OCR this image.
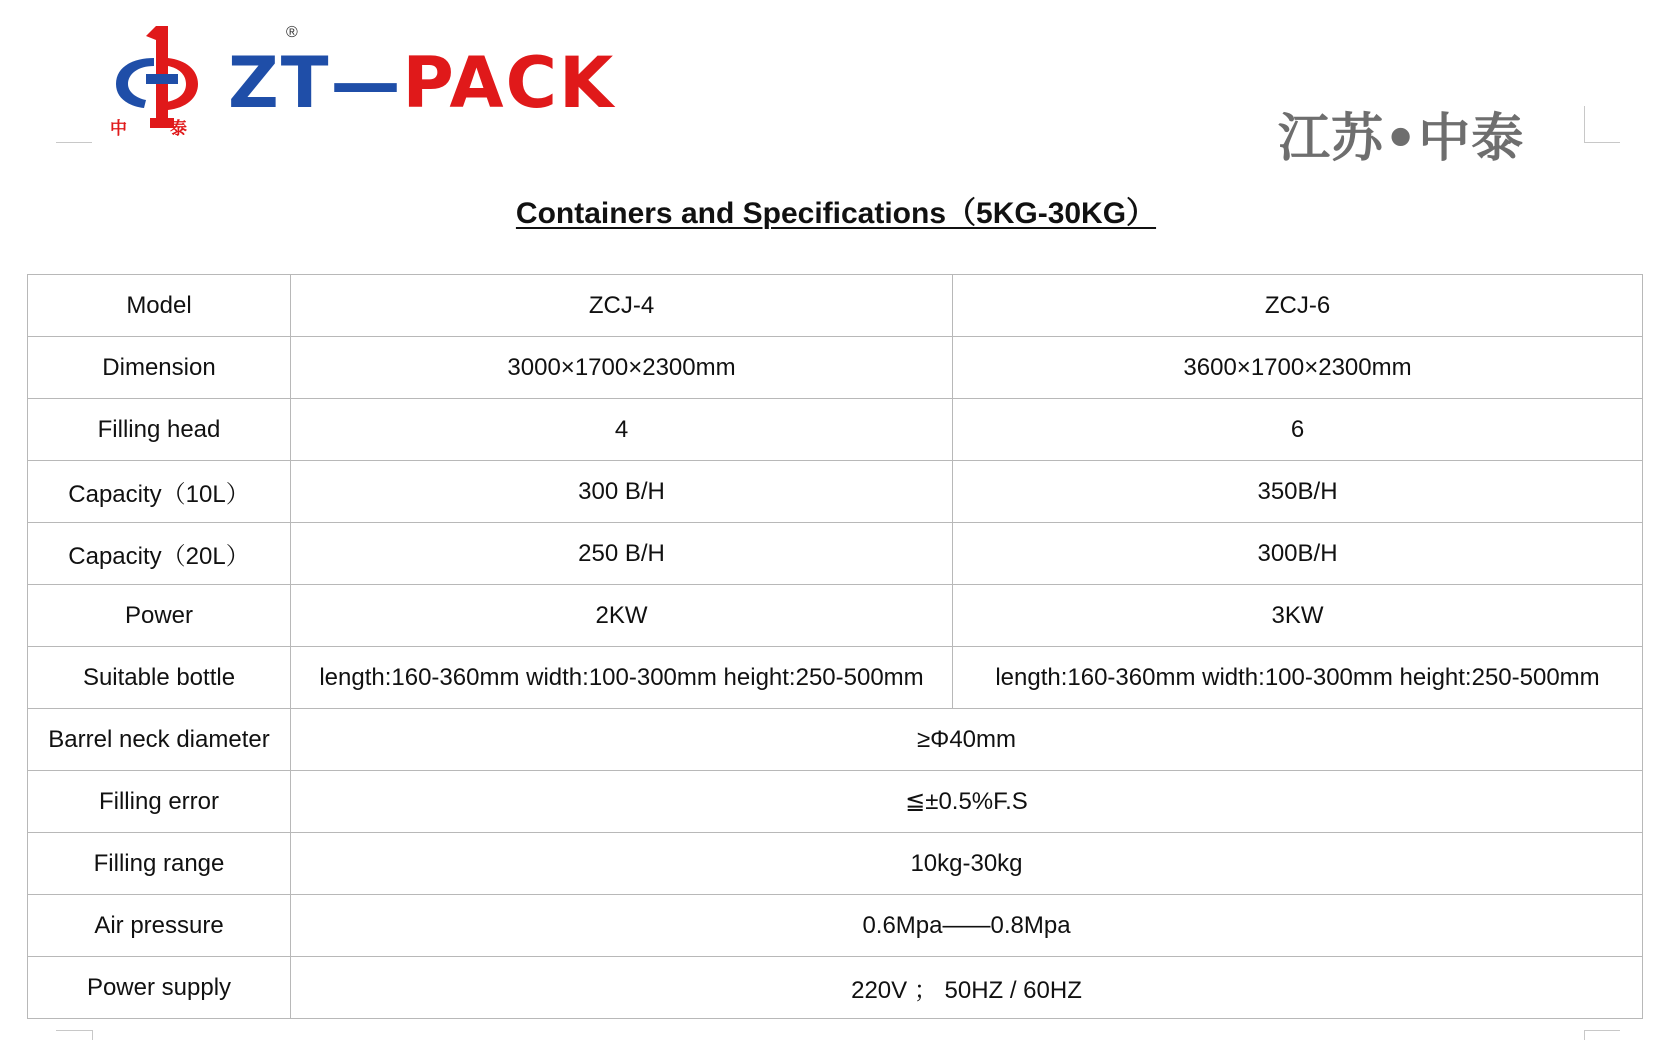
®
中	泰
ZT—PACK
江苏•中泰
Containers and Specifications（5KG-30KG）
Model	ZCJ-4	ZCJ-6
Dimension	3000×1700×2300mm	3600×1700×2300mm
Filling head	4	6
Capacity（10L）	300 B/H	350B/H
Capacity（20L）	250 B/H	300B/H
Power	2KW	3KW
Suitable bottle	length:160-360mm width:100-300mm height:250-500mm	length:160-360mm width:100-300mm height:250-500mm
Barrel neck diameter	≥Φ40mm	
Filling error	≦±0.5%F.S	
Filling range	10kg-30kg	
Air pressure	0.6Mpa——0.8Mpa	
Power supply	220V ； 50HZ / 60HZ	
